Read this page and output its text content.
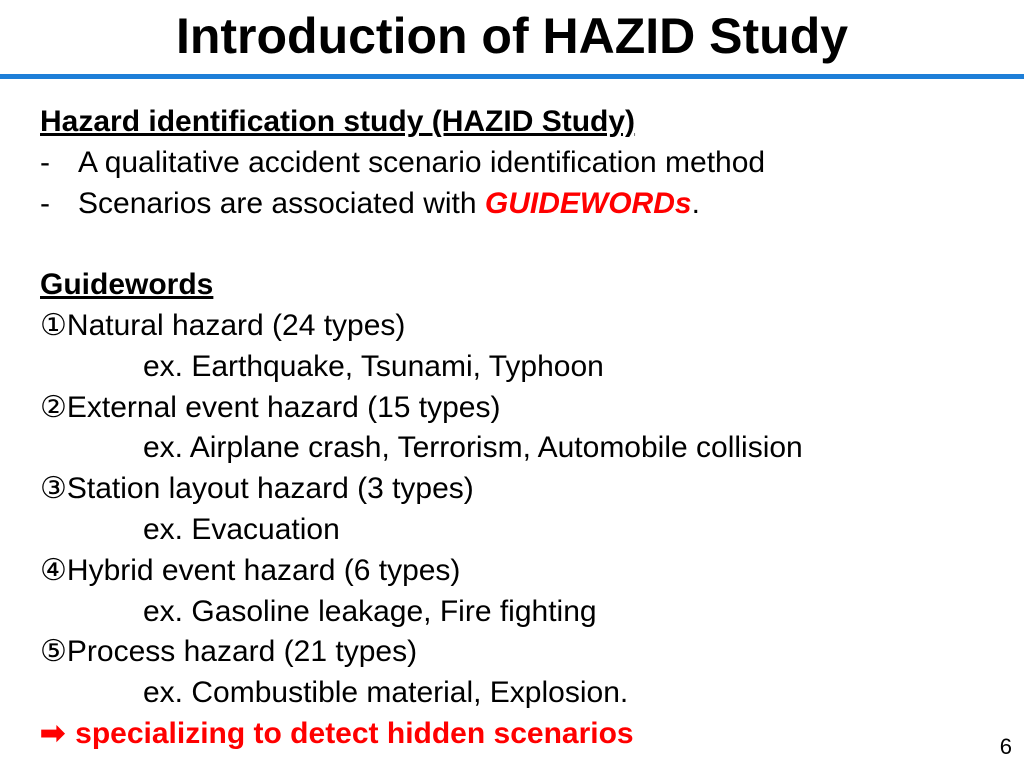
Introduction of HAZID Study
Hazard identification study (HAZID Study)
- A qualitative accident scenario identification method
- Scenarios are associated with GUIDEWORDs.
Guidewords
①Natural hazard (24 types)
ex. Earthquake, Tsunami, Typhoon
②External event hazard (15 types)
ex. Airplane crash, Terrorism, Automobile collision
③Station layout hazard (3 types)
ex. Evacuation
④Hybrid event hazard (6 types)
ex. Gasoline leakage, Fire fighting
⑤Process hazard (21 types)
ex. Combustible material, Explosion.
➡ specializing to detect hidden scenarios	6
